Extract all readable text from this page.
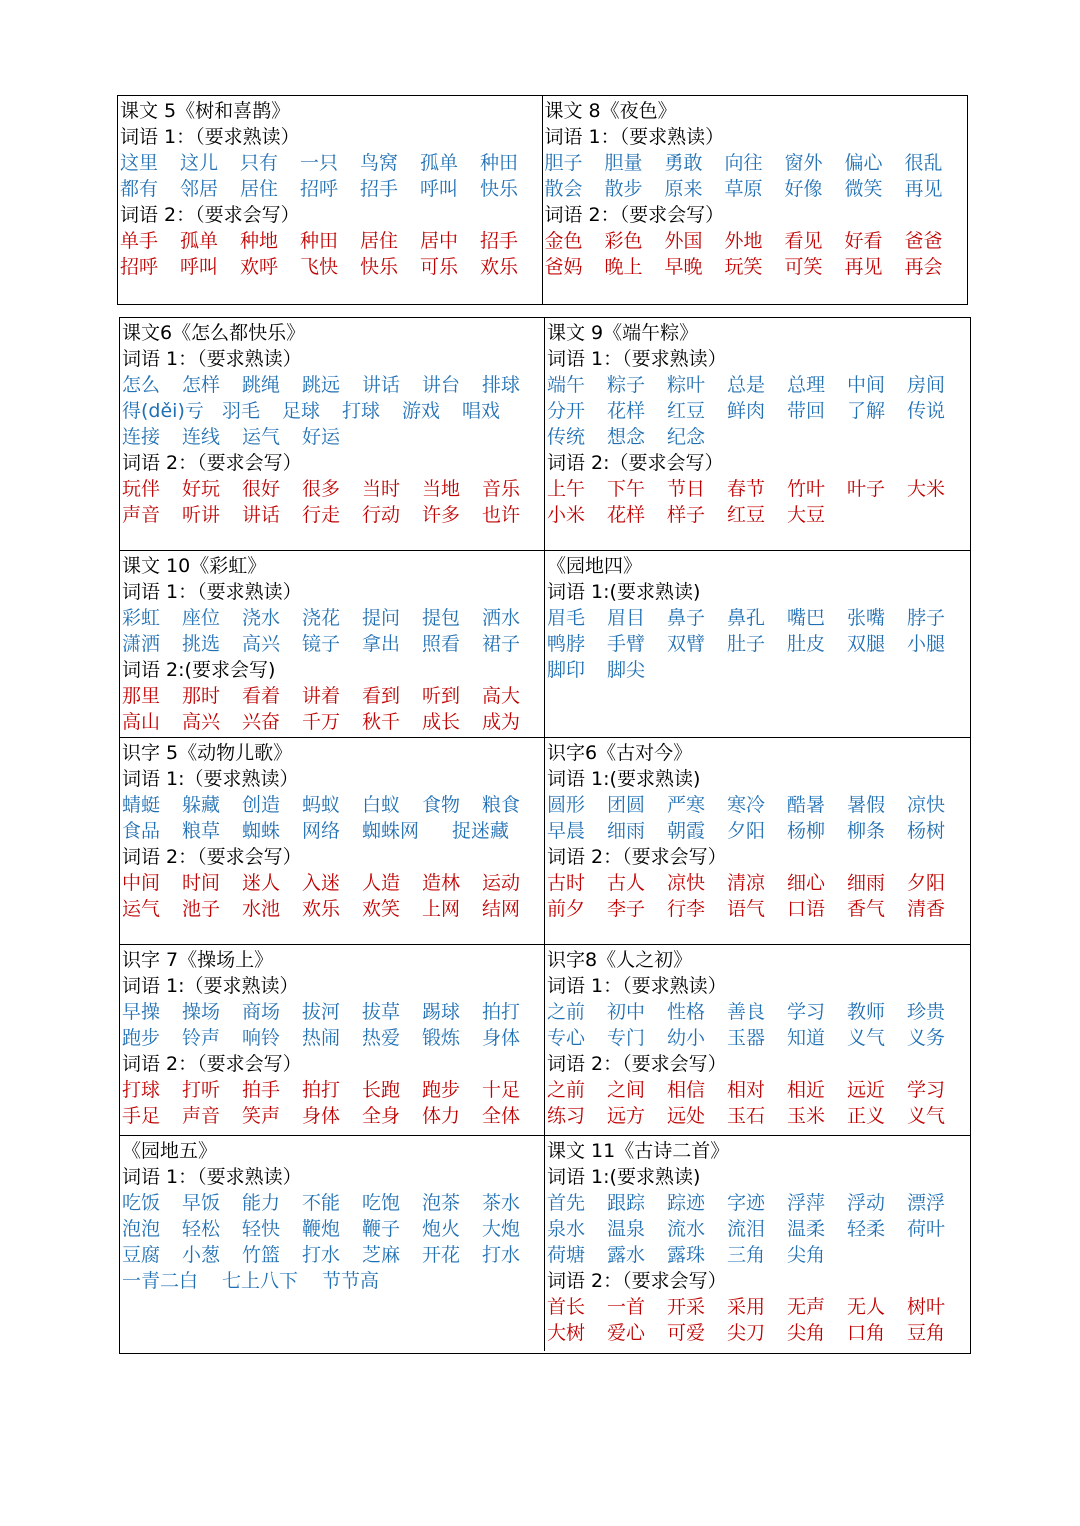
课文 5《树和喜鹊》
词语 1：（要求熟读）
这里 这儿 只有 一只 鸟窝 孤单 种田
都有 邻居 居住 招呼 招手 呼叫 快乐
词语 2：（要求会写）
单手 孤单 种地 种田 居住 居中 招手
招呼 呼叫 欢呼 飞快 快乐 可乐 欢乐
课文 8《夜色》
词语 1：（要求熟读）
胆子 胆量 勇敢 向往 窗外 偏心 很乱
散会 散步 原来 草原 好像 微笑 再见
词语 2：（要求会写）
金色 彩色 外国 外地 看见 好看 爸爸
爸妈 晚上 早晚 玩笑 可笑 再见 再会
课文6《怎么都快乐》
词语 1：（要求熟读）
怎么 怎样 跳绳 跳远 讲话 讲台 排球
得(děi)亏 羽毛 足球 打球 游戏 唱戏
连接 连线 运气 好运
词语 2：（要求会写）
玩伴 好玩 很好 很多 当时 当地 音乐
声音 听讲 讲话 行走 行动 许多 也许
课文 9《端午粽》
词语 1：（要求熟读）
端午 粽子 粽叶 总是 总理 中间 房间
分开 花样 红豆 鲜肉 带回 了解 传说
传统 想念 纪念
词语 2:（要求会写）
上午 下午 节日 春节 竹叶 叶子 大米
小米 花样 样子 红豆 大豆
课文 10《彩虹》
词语 1：（要求熟读）
彩虹 座位 浇水 浇花 提问 提包 洒水
潇洒 挑选 高兴 镜子 拿出 照看 裙子
词语 2:(要求会写)
那里 那时 看着 讲着 看到 听到 高大
高山 高兴 兴奋 千万 秋千 成长 成为
《园地四》
词语 1:(要求熟读)
眉毛 眉目 鼻子 鼻孔 嘴巴 张嘴 脖子
鸭脖 手臂 双臂 肚子 肚皮 双腿 小腿
脚印 脚尖
识字 5《动物儿歌》
词语 1:（要求熟读）
蜻蜓 躲藏 创造 蚂蚁 白蚁 食物 粮食
食品 粮草 蜘蛛 网络 蜘蛛网 捉迷藏
词语 2：（要求会写）
中间 时间 迷人 入迷 人造 造林 运动
运气 池子 水池 欢乐 欢笑 上网 结网
识字6《古对今》
词语 1:(要求熟读)
圆形 团圆 严寒 寒冷 酷暑 暑假 凉快
早晨 细雨 朝霞 夕阳 杨柳 柳条 杨树
词语 2：（要求会写）
古时 古人 凉快 清凉 细心 细雨 夕阳
前夕 李子 行李 语气 口语 香气 清香
识字 7《操场上》
词语 1:（要求熟读）
早操 操场 商场 拔河 拔草 踢球 拍打
跑步 铃声 响铃 热闹 热爱 锻炼 身体
词语 2：（要求会写）
打球 打听 拍手 拍打 长跑 跑步 十足
手足 声音 笑声 身体 全身 体力 全体
识字8《人之初》
词语 1：（要求熟读）
之前 初中 性格 善良 学习 教师 珍贵
专心 专门 幼小 玉器 知道 义气 义务
词语 2：（要求会写）
之前 之间 相信 相对 相近 远近 学习
练习 远方 远处 玉石 玉米 正义 义气
《园地五》
词语 1：（要求熟读）
吃饭 早饭 能力 不能 吃饱 泡茶 茶水
泡泡 轻松 轻快 鞭炮 鞭子 炮火 大炮
豆腐 小葱 竹篮 打水 芝麻 开花 打水
一青二白 七上八下 节节高
课文 11《古诗二首》
词语 1:(要求熟读)
首先 跟踪 踪迹 字迹 浮萍 浮动 漂浮
泉水 温泉 流水 流泪 温柔 轻柔 荷叶
荷塘 露水 露珠 三角 尖角
词语 2：（要求会写）
首长 一首 开采 采用 无声 无人 树叶
大树 爱心 可爱 尖刀 尖角 口角 豆角
